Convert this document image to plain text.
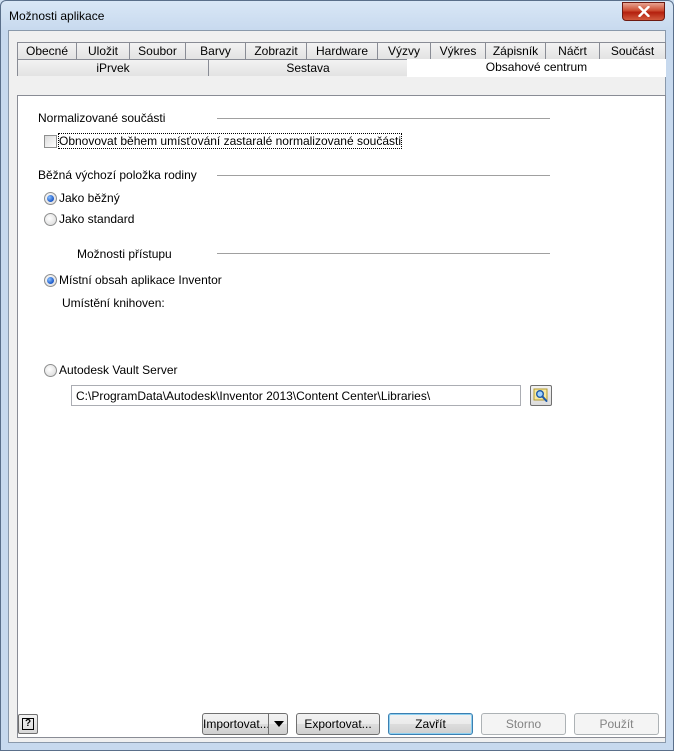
Možnosti aplikace
Obecné	Uložit	Soubor	Barvy	Zobrazit	Hardware	Výzvy	Výkres	Zápisník	Náčrt	Součást
iPrvek	Sestava	Obsahové centrum
Normalizované součásti
Obnovovat během umísťování zastaralé normalizované součásti
Běžná výchozí položka rodiny
Jako běžný
Jako standard
Možnosti přístupu
Místní obsah aplikace Inventor
Umístění knihoven:
C:\ProgramData\Autodesk\Inventor 2013\Content Center\Libraries\
Autodesk Vault Server
?	Importovat...	Exportovat...	Zavřít	Storno	Použít
